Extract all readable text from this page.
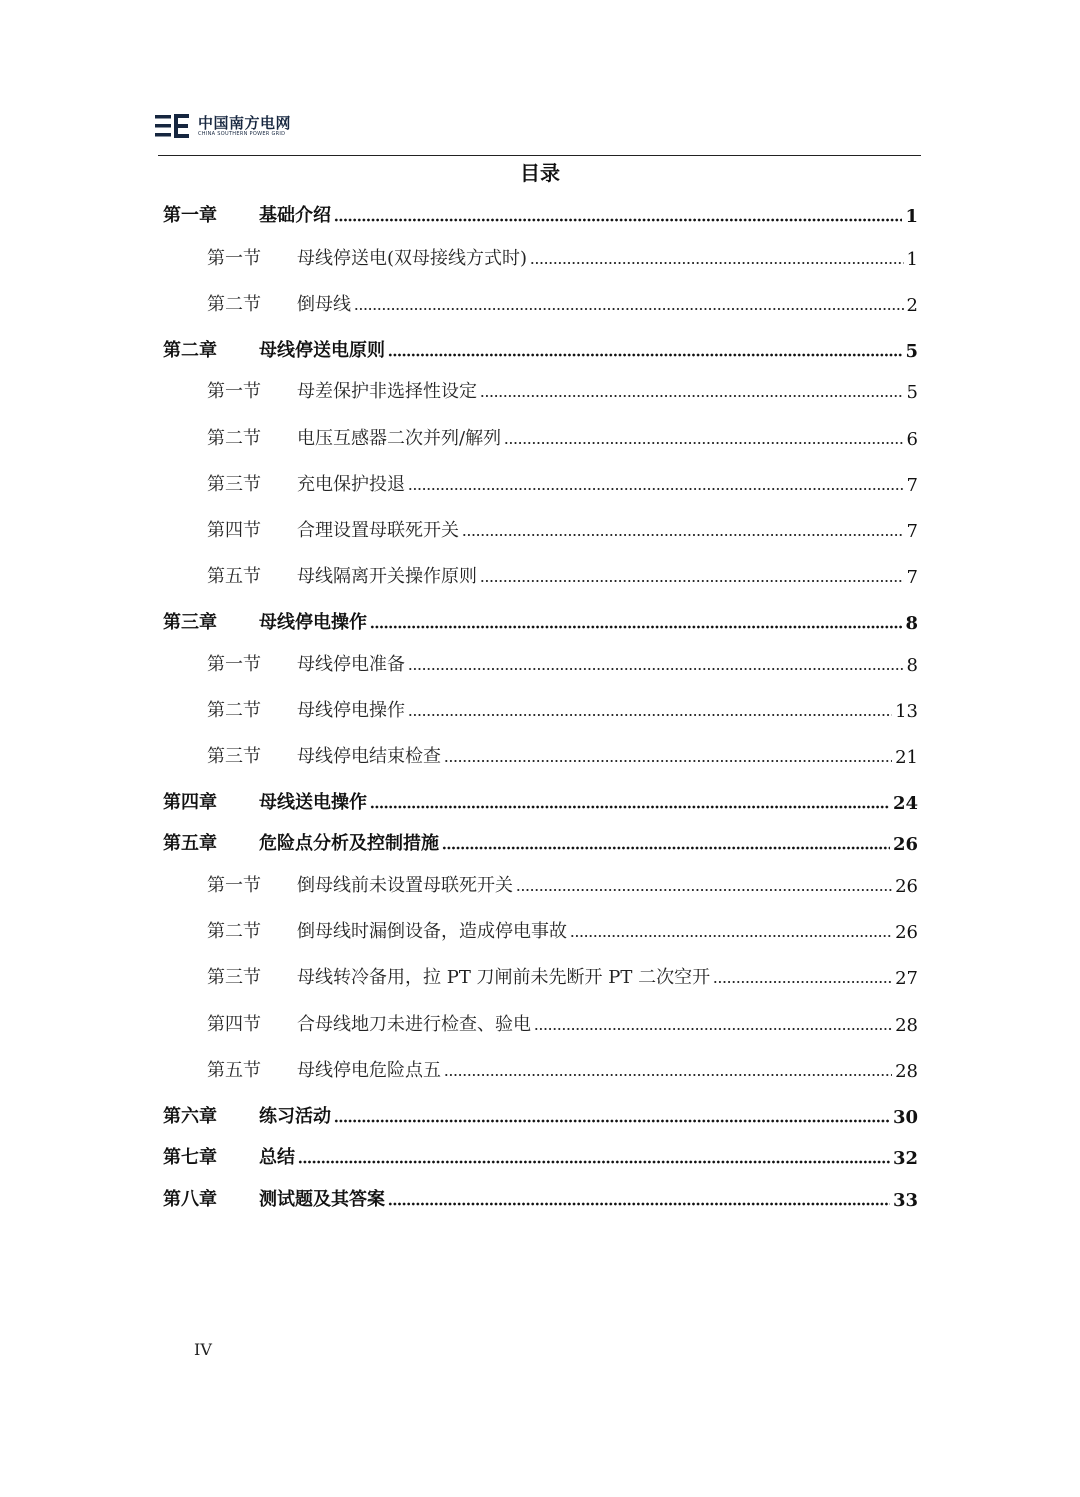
中国南方电网
CHINA SOUTHERN POWER GRID
目录
第一章	基础介绍	1
第一节	母线停送电(双母接线方式时)	1
第二节	倒母线	2
第二章	母线停送电原则	5
第一节	母差保护非选择性设定	5
第二节	电压互感器二次并列/解列	6
第三节	充电保护投退	7
第四节	合理设置母联死开关	7
第五节	母线隔离开关操作原则	7
第三章	母线停电操作	8
第一节	母线停电准备	8
第二节	母线停电操作	13
第三节	母线停电结束检查	21
第四章	母线送电操作	24
第五章	危险点分析及控制措施	26
第一节	倒母线前未设置母联死开关	26
第二节	倒母线时漏倒设备，造成停电事故	26
第三节	母线转冷备用，拉 PT 刀闸前未先断开 PT 二次空开	27
第四节	合母线地刀未进行检查、验电	28
第五节	母线停电危险点五	28
第六章	练习活动	30
第七章	总结	32
第八章	测试题及其答案	33
IV
